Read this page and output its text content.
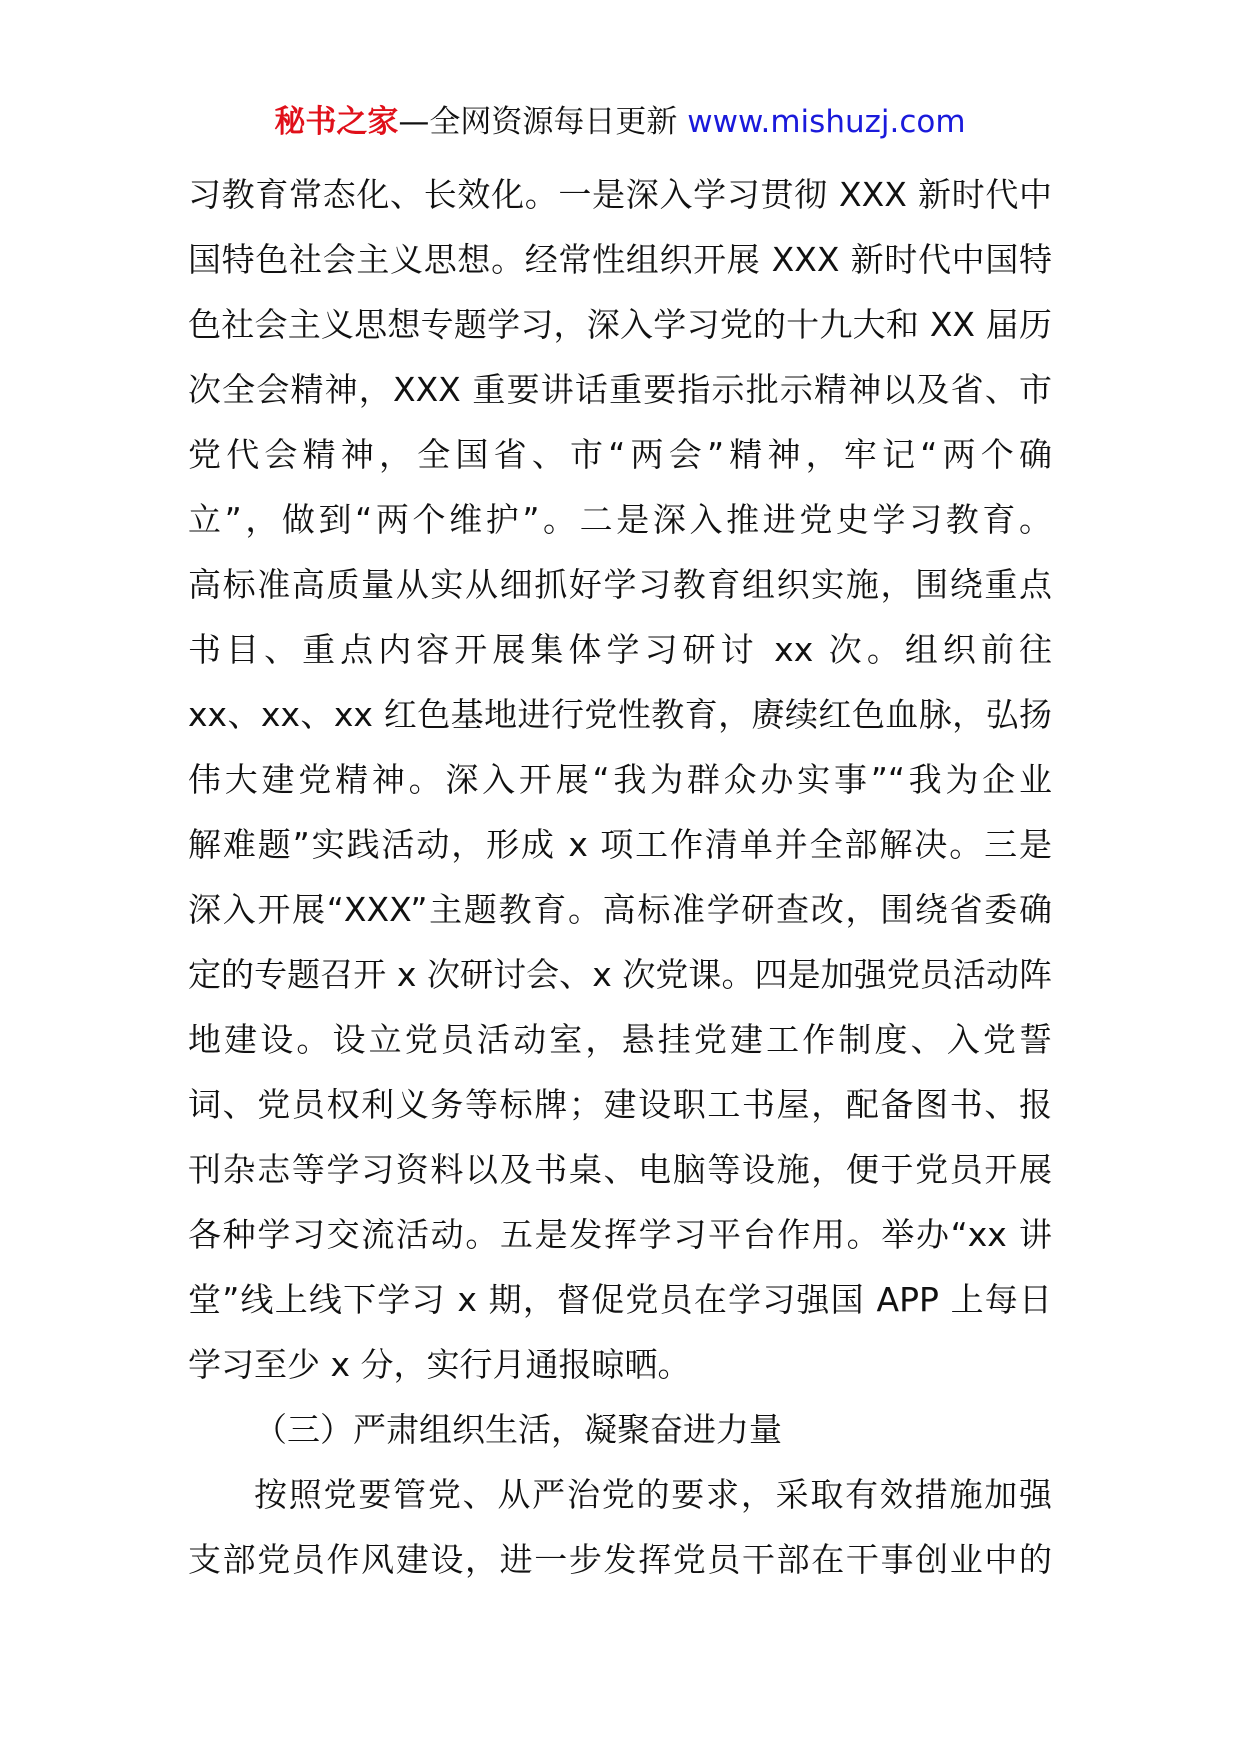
秘书之家—全网资源每日更新 www.mishuzj.com
习教育常态化、长效化。一是深入学习贯彻 XXX 新时代中
国特色社会主义思想。经常性组织开展 XXX 新时代中国特
色社会主义思想专题学习，深入学习党的十九大和 XX 届历
次全会精神，XXX 重要讲话重要指示批示精神以及省、市
党代会精神，全国省、市“两会”精神，牢记“两个确
立”，做到“两个维护”。二是深入推进党史学习教育。
高标准高质量从实从细抓好学习教育组织实施，围绕重点
书目、重点内容开展集体学习研讨 xx 次。组织前往
xx、xx、xx 红色基地进行党性教育，赓续红色血脉，弘扬
伟大建党精神。深入开展“我为群众办实事”“我为企业
解难题”实践活动，形成 x 项工作清单并全部解决。三是
深入开展“XXX”主题教育。高标准学研查改，围绕省委确
定的专题召开 x 次研讨会、x 次党课。四是加强党员活动阵
地建设。设立党员活动室，悬挂党建工作制度、入党誓
词、党员权利义务等标牌；建设职工书屋，配备图书、报
刊杂志等学习资料以及书桌、电脑等设施，便于党员开展
各种学习交流活动。五是发挥学习平台作用。举办“xx 讲
堂”线上线下学习 x 期，督促党员在学习强国 APP 上每日
学习至少 x 分，实行月通报晾晒。
（三）严肃组织生活，凝聚奋进力量
按照党要管党、从严治党的要求，采取有效措施加强
支部党员作风建设，进一步发挥党员干部在干事创业中的
